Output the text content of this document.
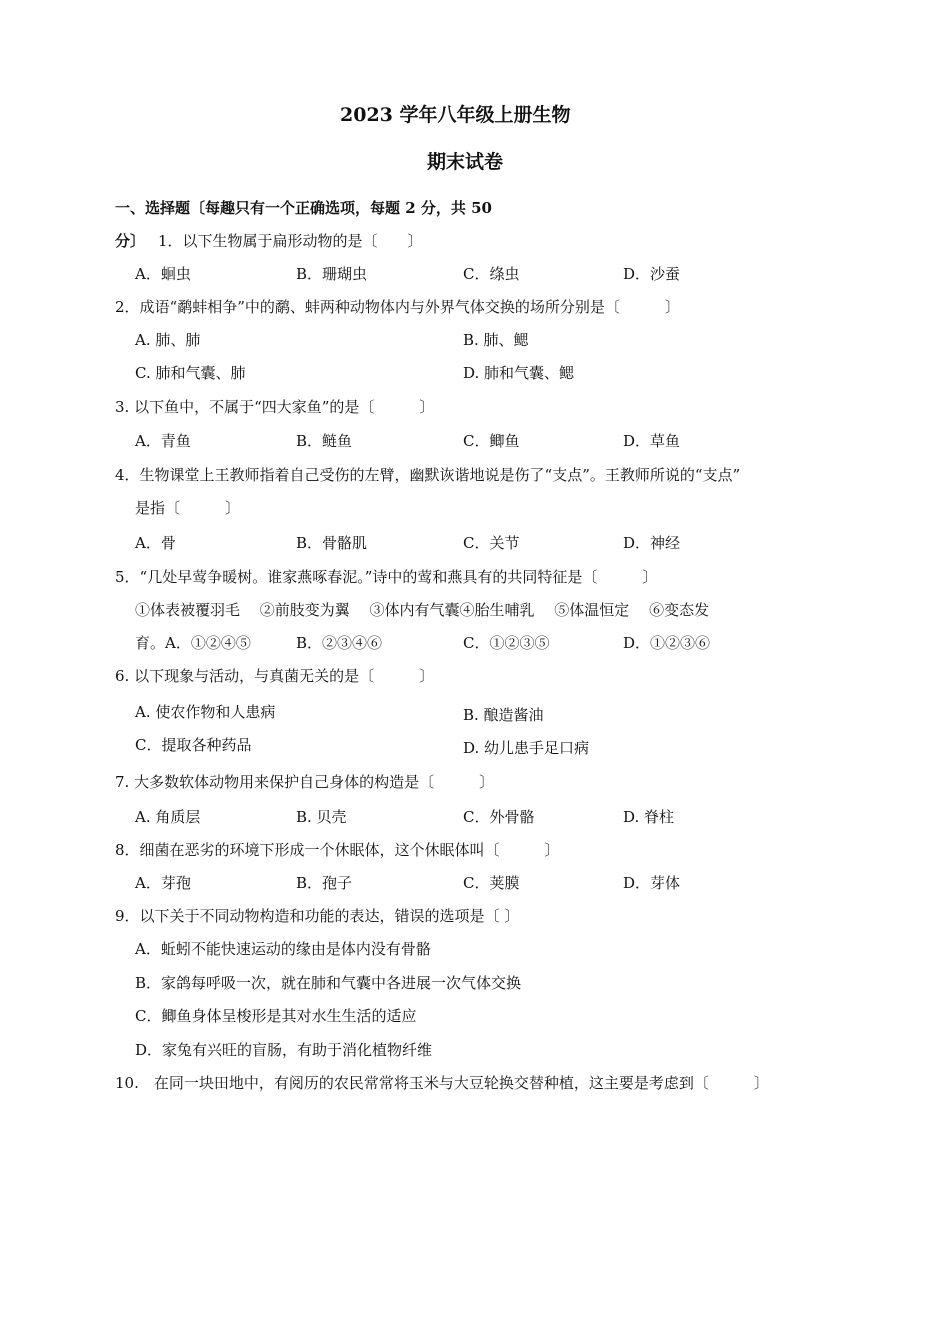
2023 学年八年级上册生物
期末试卷
一、选择题〔每趣只有一个正确选项，每题 2 分，共 50
分〕 1．以下生物属于扁形动物的是〔　　〕
A．蛔虫	B．珊瑚虫	C．绦虫	D．沙蚕
2．成语“鹬蚌相争”中的鹬、蚌两种动物体内与外界气体交换的场所分别是〔　　　〕
A. 肺、肺	B. 肺、鳃
C. 肺和气囊、肺	D. 肺和气囊、鳃
3. 以下鱼中，不属于“四大家鱼”的是〔　　　〕
A．青鱼	B．鲢鱼	C．鲫鱼	D．草鱼
4．生物课堂上王教师指着自己受伤的左臂，幽默诙谐地说是伤了“支点”。王教师所说的“支点”
是指〔　　　〕
A．骨	B．骨骼肌	C．关节	D．神经
5．“几处早莺争暖树。谁家燕啄春泥。”诗中的莺和燕具有的共同特征是〔　　　〕
①体表被覆羽毛　 ②前肢变为翼　 ③体内有气囊④胎生哺乳　 ⑤体温恒定　 ⑥变态发
育。A．①②④⑤	B．②③④⑥	C．①②③⑤	D．①②③⑥
6. 以下现象与活动，与真菌无关的是〔　　　〕
A. 使农作物和人患病	B. 酿造酱油
C．提取各种药品	D. 幼儿患手足口病
7. 大多数软体动物用来保护自己身体的构造是〔　　　〕
A. 角质层	B. 贝壳	C．外骨骼	D. 脊柱
8．细菌在恶劣的环境下形成一个休眠体，这个休眠体叫〔　　　〕
A．芽孢	B．孢子	C．荚膜	D．芽体
9．以下关于不同动物构造和功能的表达，错误的选项是〔 〕
A．蚯蚓不能快速运动的缘由是体内没有骨骼
B．家鸽每呼吸一次，就在肺和气囊中各进展一次气体交换
C．鲫鱼身体呈梭形是其对水生生活的适应
D．家兔有兴旺的盲肠，有助于消化植物纤维
10.　在同一块田地中，有阅历的农民常常将玉米与大豆轮换交替种植，这主要是考虑到〔　　　〕
